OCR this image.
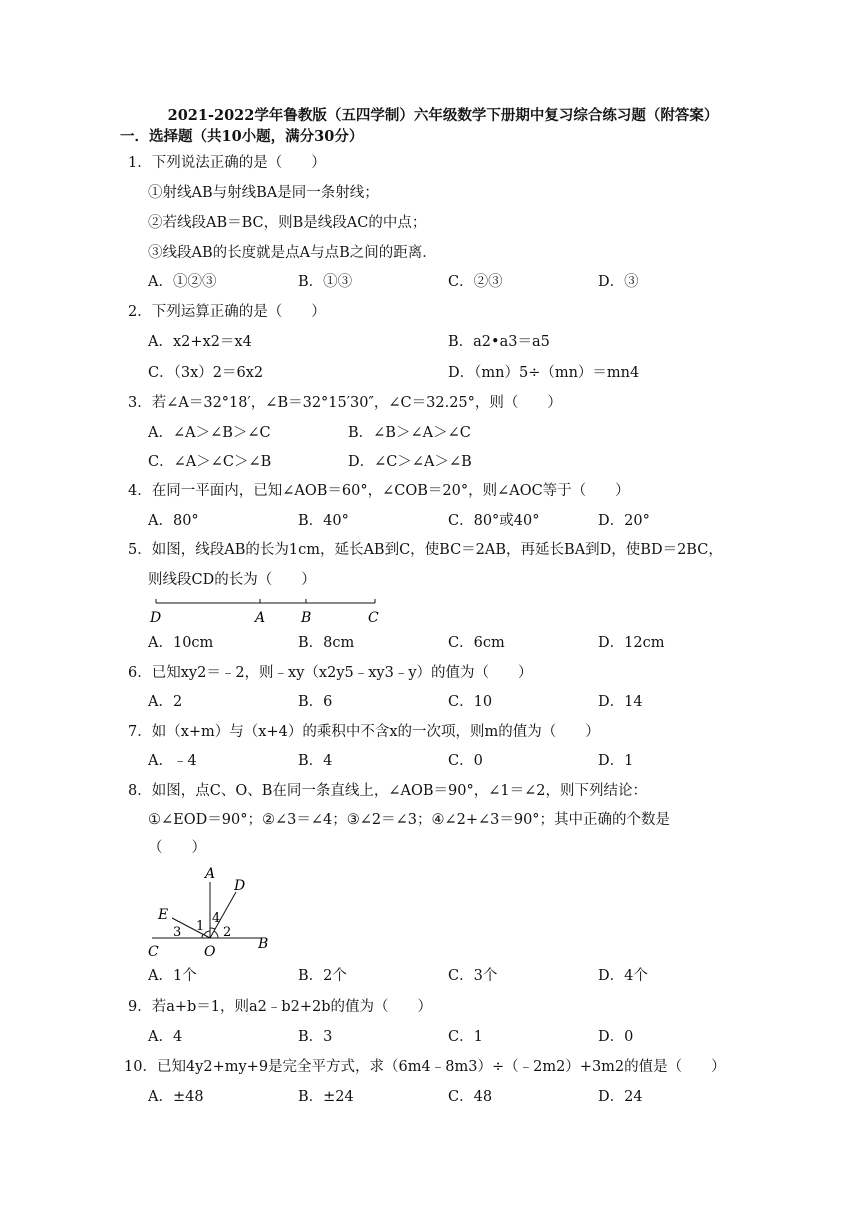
2021-2022学年鲁教版（五四学制）六年级数学下册期中复习综合练习题（附答案）
一．选择题（共10小题，满分30分）
1．下列说法正确的是（　　）
①射线AB与射线BA是同一条射线；
②若线段AB＝BC，则B是线段AC的中点；
③线段AB的长度就是点A与点B之间的距离．
A．①②③	B．①③	C．②③	D．③
2．下列运算正确的是（　　）
A．x2+x2＝x4	B．a2•a3＝a5
C．（3x）2＝6x2	D．（mn）5÷（mn）＝mn4
3．若∠A＝32°18′，∠B＝32°15′30″，∠C＝32.25°，则（　　）
A．∠A＞∠B＞∠C	B．∠B＞∠A＞∠C
C．∠A＞∠C＞∠B	D．∠C＞∠A＞∠B
4．在同一平面内，已知∠AOB＝60°，∠COB＝20°，则∠AOC等于（　　）
A．80°	B．40°	C．80°或40°	D．20°
5．如图，线段AB的长为1cm，延长AB到C，使BC＝2AB，再延长BA到D，使BD＝2BC，
则线段CD的长为（　　）
D	A	B	C
A．10cm	B．8cm	C．6cm	D．12cm
6．已知xy2＝﹣2，则﹣xy（x2y5﹣xy3﹣y）的值为（　　）
A．2	B．6	C．10	D．14
7．如（x+m）与（x+4）的乘积中不含x的一次项，则m的值为（　　）
A．﹣4	B．4	C．0	D．1
8．如图，点C、O、B在同一条直线上，∠AOB＝90°，∠1＝∠2，则下列结论：
①∠EOD＝90°；②∠3＝∠4；③∠2＝∠3；④∠2+∠3＝90°；其中正确的个数是
（　　）
A
D
E
1
4
3	2
C	O	B
A．1个	B．2个	C．3个	D．4个
9．若a+b＝1，则a2﹣b2+2b的值为（　　）
A．4	B．3	C．1	D．0
10．已知4y2+my+9是完全平方式，求（6m4﹣8m3）÷（﹣2m2）+3m2的值是（　　）
A．±48	B．±24	C．48	D．24
